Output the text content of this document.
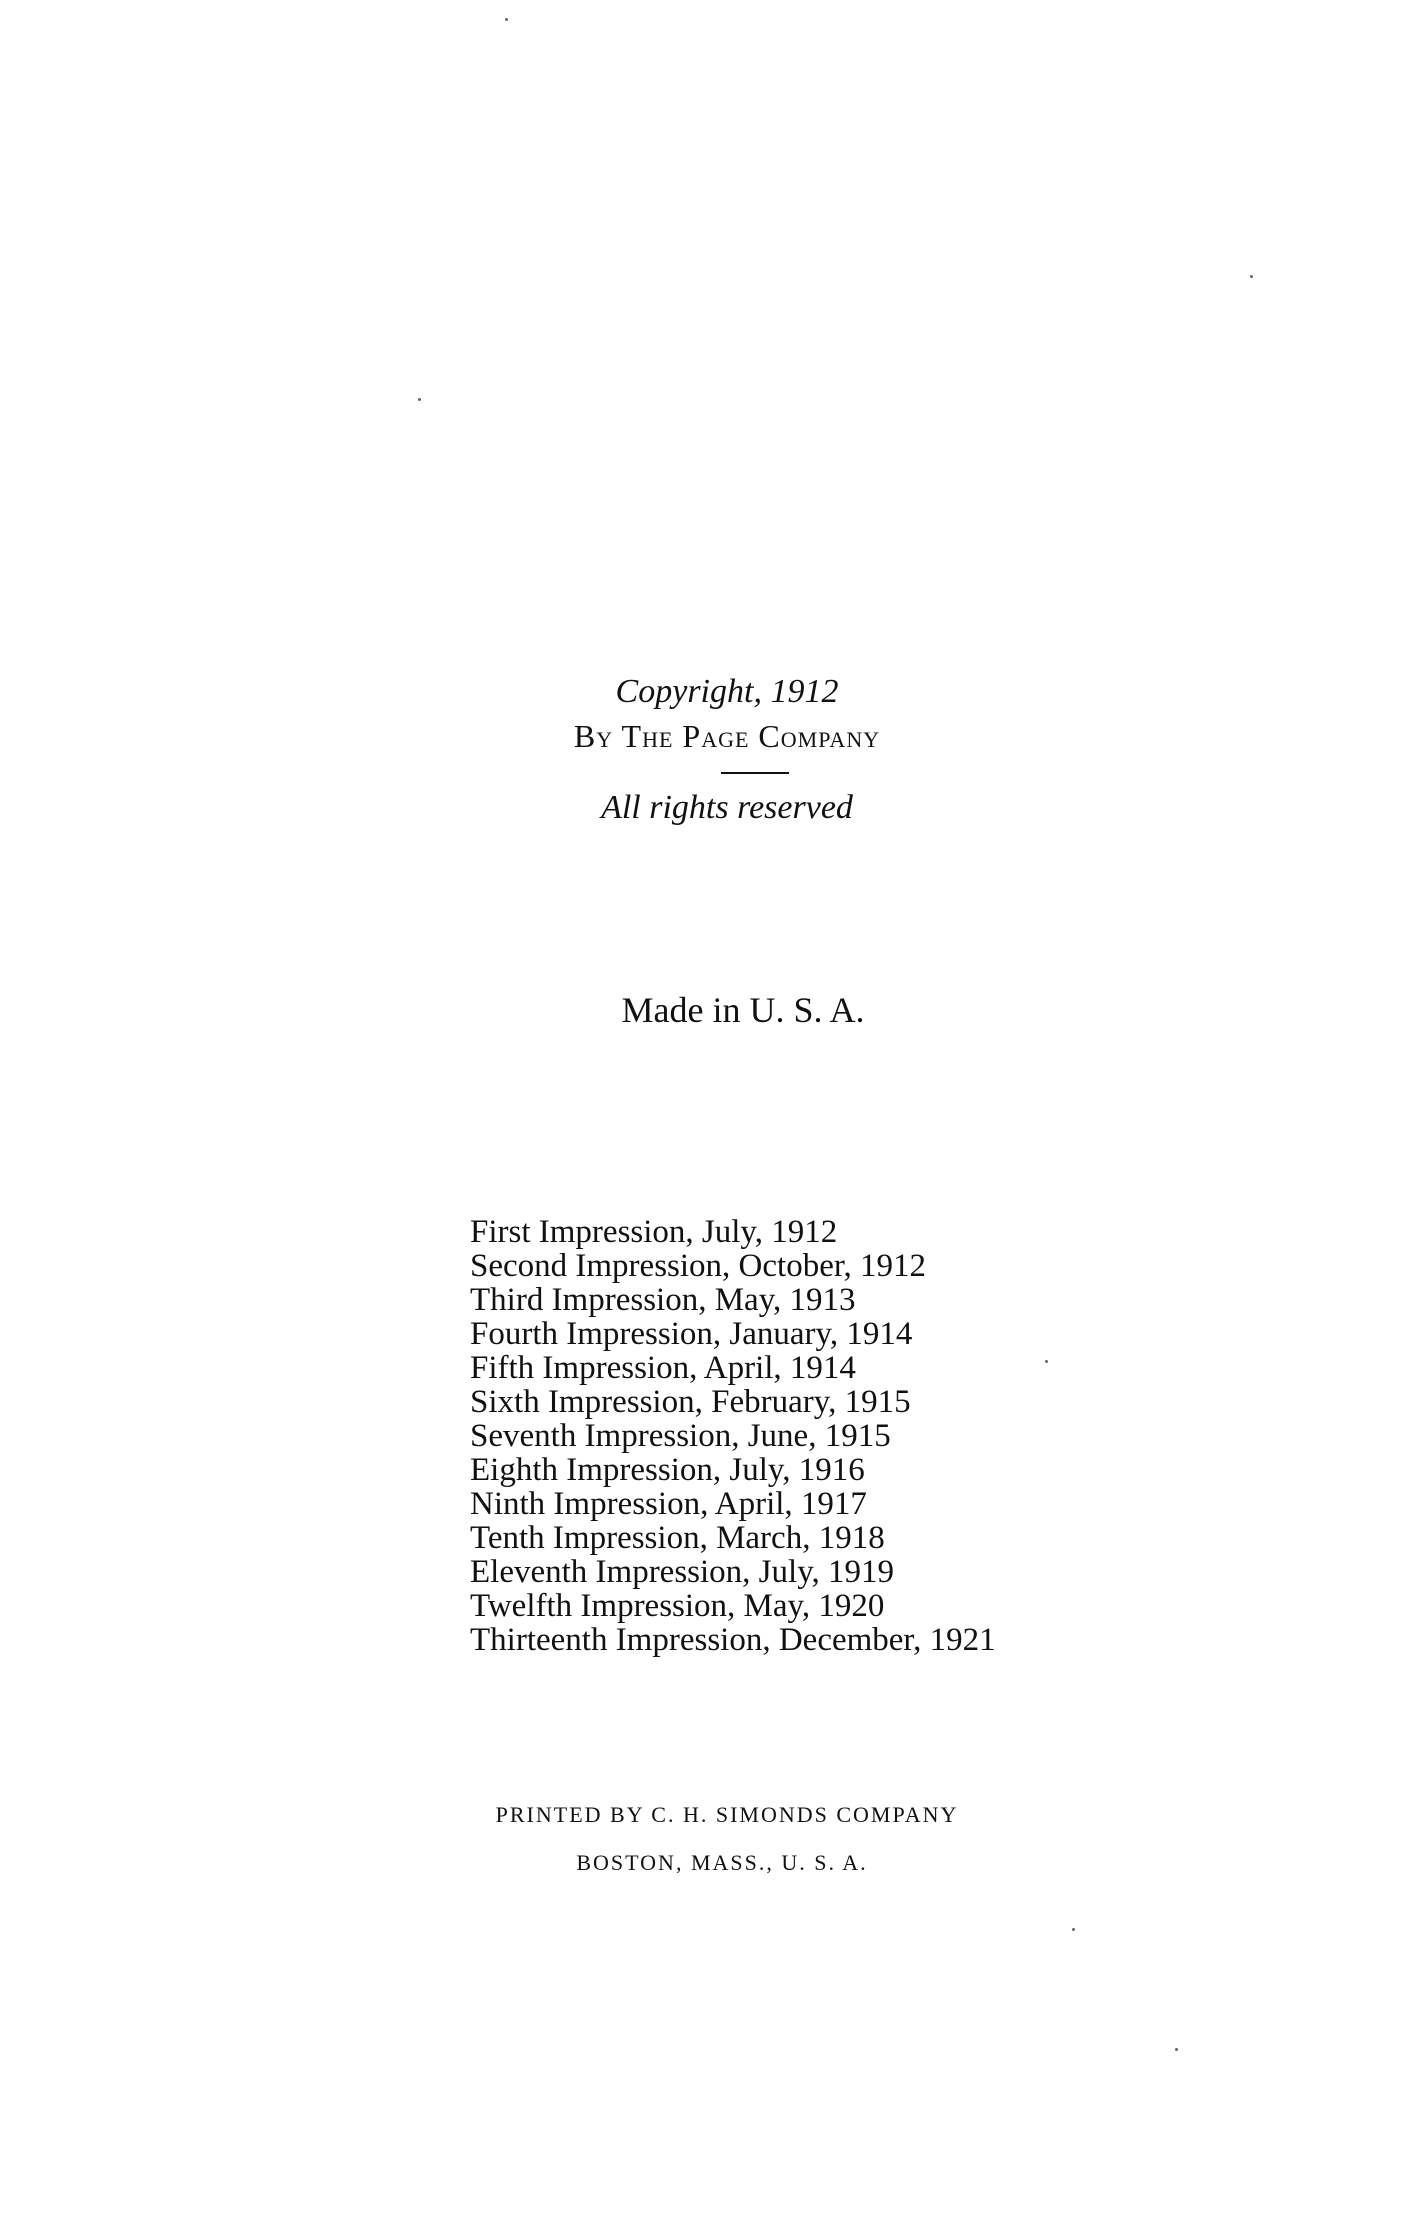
Copyright, 1912
By The Page Company
All rights reserved
Made in U. S. A.
First Impression, July, 1912
Second Impression, October, 1912
Third Impression, May, 1913
Fourth Impression, January, 1914
Fifth Impression, April, 1914
Sixth Impression, February, 1915
Seventh Impression, June, 1915
Eighth Impression, July, 1916
Ninth Impression, April, 1917
Tenth Impression, March, 1918
Eleventh Impression, July, 1919
Twelfth Impression, May, 1920
Thirteenth Impression, December, 1921
PRINTED BY C. H. SIMONDS COMPANY
BOSTON, MASS., U. S. A.
